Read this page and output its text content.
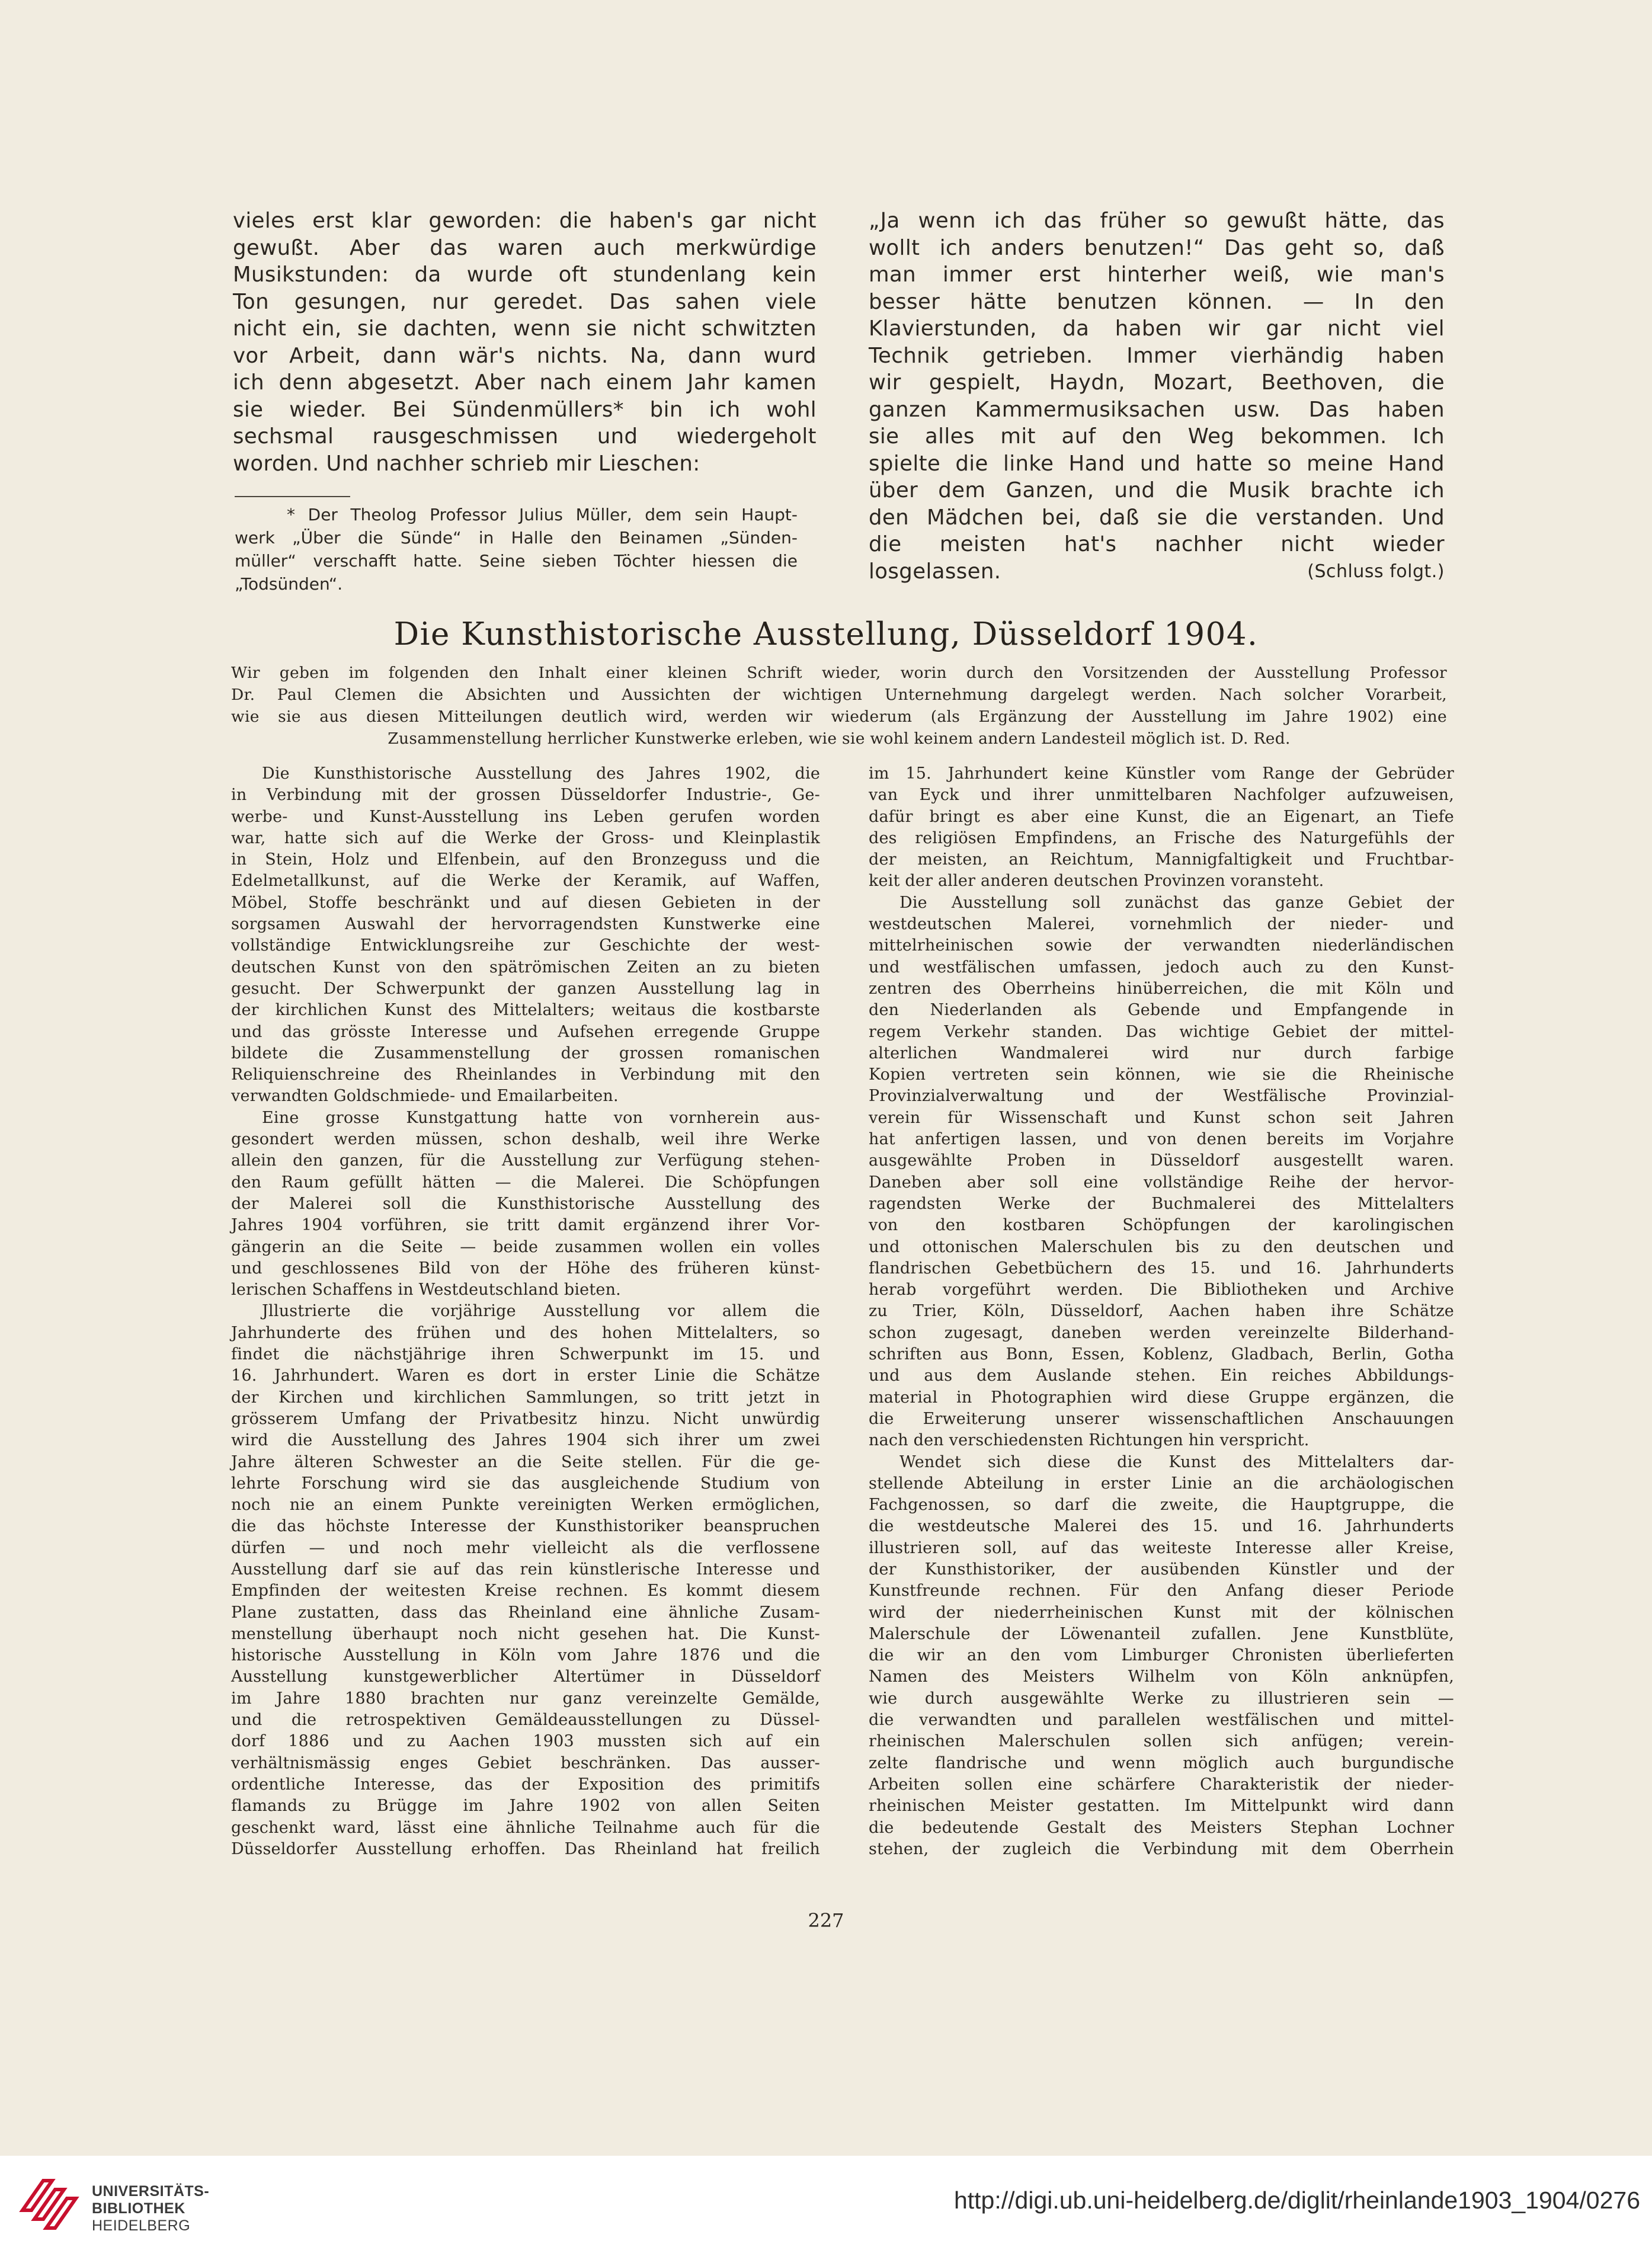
vieles erst klar geworden: die haben's gar nicht
gewußt. Aber das waren auch merkwürdige
Musikstunden: da wurde oft stundenlang kein
Ton gesungen, nur geredet. Das sahen viele
nicht ein, sie dachten, wenn sie nicht schwitzten
vor Arbeit, dann wär's nichts. Na, dann wurd
ich denn abgesetzt. Aber nach einem Jahr kamen
sie wieder. Bei Sündenmüllers* bin ich wohl
sechsmal rausgeschmissen und wiedergeholt
worden. Und nachher schrieb mir Lieschen:
* Der Theolog Professor Julius Müller, dem sein Haupt-
werk „Über die Sünde“ in Halle den Beinamen „Sünden-
müller“ verschafft hatte. Seine sieben Töchter hiessen die
„Todsünden“.
„Ja wenn ich das früher so gewußt hätte, das
wollt ich anders benutzen!“ Das geht so, daß
man immer erst hinterher weiß, wie man's
besser hätte benutzen können. — In den
Klavierstunden, da haben wir gar nicht viel
Technik getrieben. Immer vierhändig haben
wir gespielt, Haydn, Mozart, Beethoven, die
ganzen Kammermusiksachen usw. Das haben
sie alles mit auf den Weg bekommen. Ich
spielte die linke Hand und hatte so meine Hand
über dem Ganzen, und die Musik brachte ich
den Mädchen bei, daß sie die verstanden. Und
die meisten hat's nachher nicht wieder
losgelassen.	(Schluss folgt.)
Die Kunsthistorische Ausstellung, Düsseldorf 1904.
Wir geben im folgenden den Inhalt einer kleinen Schrift wieder, worin durch den Vorsitzenden der Ausstellung Professor
Dr. Paul Clemen die Absichten und Aussichten der wichtigen Unternehmung dargelegt werden. Nach solcher Vorarbeit,
wie sie aus diesen Mitteilungen deutlich wird, werden wir wiederum (als Ergänzung der Ausstellung im Jahre 1902) eine
Zusammenstellung herrlicher Kunstwerke erleben, wie sie wohl keinem andern Landesteil möglich ist. D. Red.
Die Kunsthistorische Ausstellung des Jahres 1902, die
in Verbindung mit der grossen Düsseldorfer Industrie-, Ge-
werbe- und Kunst-Ausstellung ins Leben gerufen worden
war, hatte sich auf die Werke der Gross- und Kleinplastik
in Stein, Holz und Elfenbein, auf den Bronzeguss und die
Edelmetallkunst, auf die Werke der Keramik, auf Waffen,
Möbel, Stoffe beschränkt und auf diesen Gebieten in der
sorgsamen Auswahl der hervorragendsten Kunstwerke eine
vollständige Entwicklungsreihe zur Geschichte der west-
deutschen Kunst von den spätrömischen Zeiten an zu bieten
gesucht. Der Schwerpunkt der ganzen Ausstellung lag in
der kirchlichen Kunst des Mittelalters; weitaus die kostbarste
und das grösste Interesse und Aufsehen erregende Gruppe
bildete die Zusammenstellung der grossen romanischen
Reliquienschreine des Rheinlandes in Verbindung mit den
verwandten Goldschmiede- und Emailarbeiten.
Eine grosse Kunstgattung hatte von vornherein aus-
gesondert werden müssen, schon deshalb, weil ihre Werke
allein den ganzen, für die Ausstellung zur Verfügung stehen-
den Raum gefüllt hätten — die Malerei. Die Schöpfungen
der Malerei soll die Kunsthistorische Ausstellung des
Jahres 1904 vorführen, sie tritt damit ergänzend ihrer Vor-
gängerin an die Seite — beide zusammen wollen ein volles
und geschlossenes Bild von der Höhe des früheren künst-
lerischen Schaffens in Westdeutschland bieten.
Jllustrierte die vorjährige Ausstellung vor allem die
Jahrhunderte des frühen und des hohen Mittelalters, so
findet die nächstjährige ihren Schwerpunkt im 15. und
16. Jahrhundert. Waren es dort in erster Linie die Schätze
der Kirchen und kirchlichen Sammlungen, so tritt jetzt in
grösserem Umfang der Privatbesitz hinzu. Nicht unwürdig
wird die Ausstellung des Jahres 1904 sich ihrer um zwei
Jahre älteren Schwester an die Seite stellen. Für die ge-
lehrte Forschung wird sie das ausgleichende Studium von
noch nie an einem Punkte vereinigten Werken ermöglichen,
die das höchste Interesse der Kunsthistoriker beanspruchen
dürfen — und noch mehr vielleicht als die verflossene
Ausstellung darf sie auf das rein künstlerische Interesse und
Empfinden der weitesten Kreise rechnen. Es kommt diesem
Plane zustatten, dass das Rheinland eine ähnliche Zusam-
menstellung überhaupt noch nicht gesehen hat. Die Kunst-
historische Ausstellung in Köln vom Jahre 1876 und die
Ausstellung kunstgewerblicher Altertümer in Düsseldorf
im Jahre 1880 brachten nur ganz vereinzelte Gemälde,
und die retrospektiven Gemäldeausstellungen zu Düssel-
dorf 1886 und zu Aachen 1903 mussten sich auf ein
verhältnismässig enges Gebiet beschränken. Das ausser-
ordentliche Interesse, das der Exposition des primitifs
flamands zu Brügge im Jahre 1902 von allen Seiten
geschenkt ward, lässt eine ähnliche Teilnahme auch für die
Düsseldorfer Ausstellung erhoffen. Das Rheinland hat freilich
im 15. Jahrhundert keine Künstler vom Range der Gebrüder
van Eyck und ihrer unmittelbaren Nachfolger aufzuweisen,
dafür bringt es aber eine Kunst, die an Eigenart, an Tiefe
des religiösen Empfindens, an Frische des Naturgefühls der
der meisten, an Reichtum, Mannigfaltigkeit und Fruchtbar-
keit der aller anderen deutschen Provinzen voransteht.
Die Ausstellung soll zunächst das ganze Gebiet der
westdeutschen Malerei, vornehmlich der nieder- und
mittelrheinischen sowie der verwandten niederländischen
und westfälischen umfassen, jedoch auch zu den Kunst-
zentren des Oberrheins hinüberreichen, die mit Köln und
den Niederlanden als Gebende und Empfangende in
regem Verkehr standen. Das wichtige Gebiet der mittel-
alterlichen Wandmalerei wird nur durch farbige
Kopien vertreten sein können, wie sie die Rheinische
Provinzialverwaltung und der Westfälische Provinzial-
verein für Wissenschaft und Kunst schon seit Jahren
hat anfertigen lassen, und von denen bereits im Vorjahre
ausgewählte Proben in Düsseldorf ausgestellt waren.
Daneben aber soll eine vollständige Reihe der hervor-
ragendsten Werke der Buchmalerei des Mittelalters
von den kostbaren Schöpfungen der karolingischen
und ottonischen Malerschulen bis zu den deutschen und
flandrischen Gebetbüchern des 15. und 16. Jahrhunderts
herab vorgeführt werden. Die Bibliotheken und Archive
zu Trier, Köln, Düsseldorf, Aachen haben ihre Schätze
schon zugesagt, daneben werden vereinzelte Bilderhand-
schriften aus Bonn, Essen, Koblenz, Gladbach, Berlin, Gotha
und aus dem Auslande stehen. Ein reiches Abbildungs-
material in Photographien wird diese Gruppe ergänzen, die
die Erweiterung unserer wissenschaftlichen Anschauungen
nach den verschiedensten Richtungen hin verspricht.
Wendet sich diese die Kunst des Mittelalters dar-
stellende Abteilung in erster Linie an die archäologischen
Fachgenossen, so darf die zweite, die Hauptgruppe, die
die westdeutsche Malerei des 15. und 16. Jahrhunderts
illustrieren soll, auf das weiteste Interesse aller Kreise,
der Kunsthistoriker, der ausübenden Künstler und der
Kunstfreunde rechnen. Für den Anfang dieser Periode
wird der niederrheinischen Kunst mit der kölnischen
Malerschule der Löwenanteil zufallen. Jene Kunstblüte,
die wir an den vom Limburger Chronisten überlieferten
Namen des Meisters Wilhelm von Köln anknüpfen,
wie durch ausgewählte Werke zu illustrieren sein —
die verwandten und parallelen westfälischen und mittel-
rheinischen Malerschulen sollen sich anfügen; verein-
zelte flandrische und wenn möglich auch burgundische
Arbeiten sollen eine schärfere Charakteristik der nieder-
rheinischen Meister gestatten. Im Mittelpunkt wird dann
die bedeutende Gestalt des Meisters Stephan Lochner
stehen, der zugleich die Verbindung mit dem Oberrhein
227
UNIVERSITÄTS-
BIBLIOTHEK
HEIDELBERG
http://digi.ub.uni-heidelberg.de/diglit/rheinlande1903_1904/0276
